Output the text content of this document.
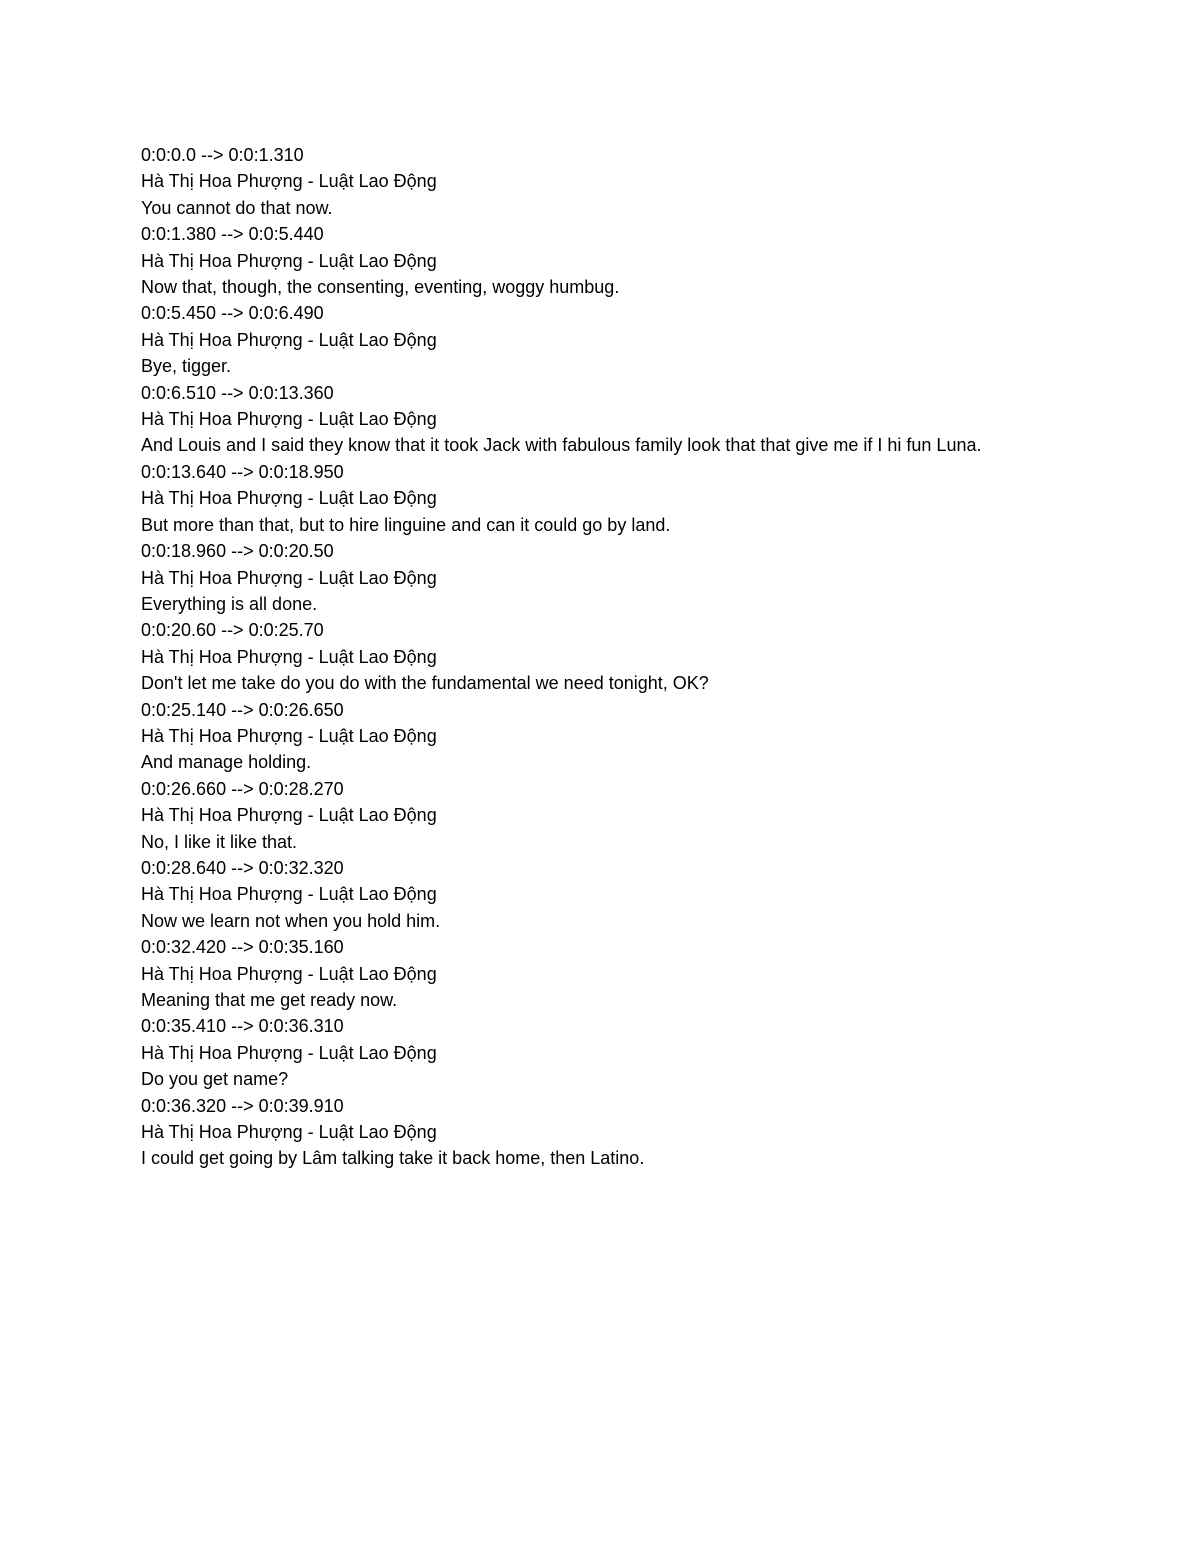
0:0:0.0 --> 0:0:1.310
Hà Thị Hoa Phượng - Luật Lao Động
You cannot do that now.
0:0:1.380 --> 0:0:5.440
Hà Thị Hoa Phượng - Luật Lao Động
Now that, though, the consenting, eventing, woggy humbug.
0:0:5.450 --> 0:0:6.490
Hà Thị Hoa Phượng - Luật Lao Động
Bye, tigger.
0:0:6.510 --> 0:0:13.360
Hà Thị Hoa Phượng - Luật Lao Động
And Louis and I said they know that it took Jack with fabulous family look that that give me if I hi fun Luna.
0:0:13.640 --> 0:0:18.950
Hà Thị Hoa Phượng - Luật Lao Động
But more than that, but to hire linguine and can it could go by land.
0:0:18.960 --> 0:0:20.50
Hà Thị Hoa Phượng - Luật Lao Động
Everything is all done.
0:0:20.60 --> 0:0:25.70
Hà Thị Hoa Phượng - Luật Lao Động
Don't let me take do you do with the fundamental we need tonight, OK?
0:0:25.140 --> 0:0:26.650
Hà Thị Hoa Phượng - Luật Lao Động
And manage holding.
0:0:26.660 --> 0:0:28.270
Hà Thị Hoa Phượng - Luật Lao Động
No, I like it like that.
0:0:28.640 --> 0:0:32.320
Hà Thị Hoa Phượng - Luật Lao Động
Now we learn not when you hold him.
0:0:32.420 --> 0:0:35.160
Hà Thị Hoa Phượng - Luật Lao Động
Meaning that me get ready now.
0:0:35.410 --> 0:0:36.310
Hà Thị Hoa Phượng - Luật Lao Động
Do you get name?
0:0:36.320 --> 0:0:39.910
Hà Thị Hoa Phượng - Luật Lao Động
I could get going by Lâm talking take it back home, then Latino.
